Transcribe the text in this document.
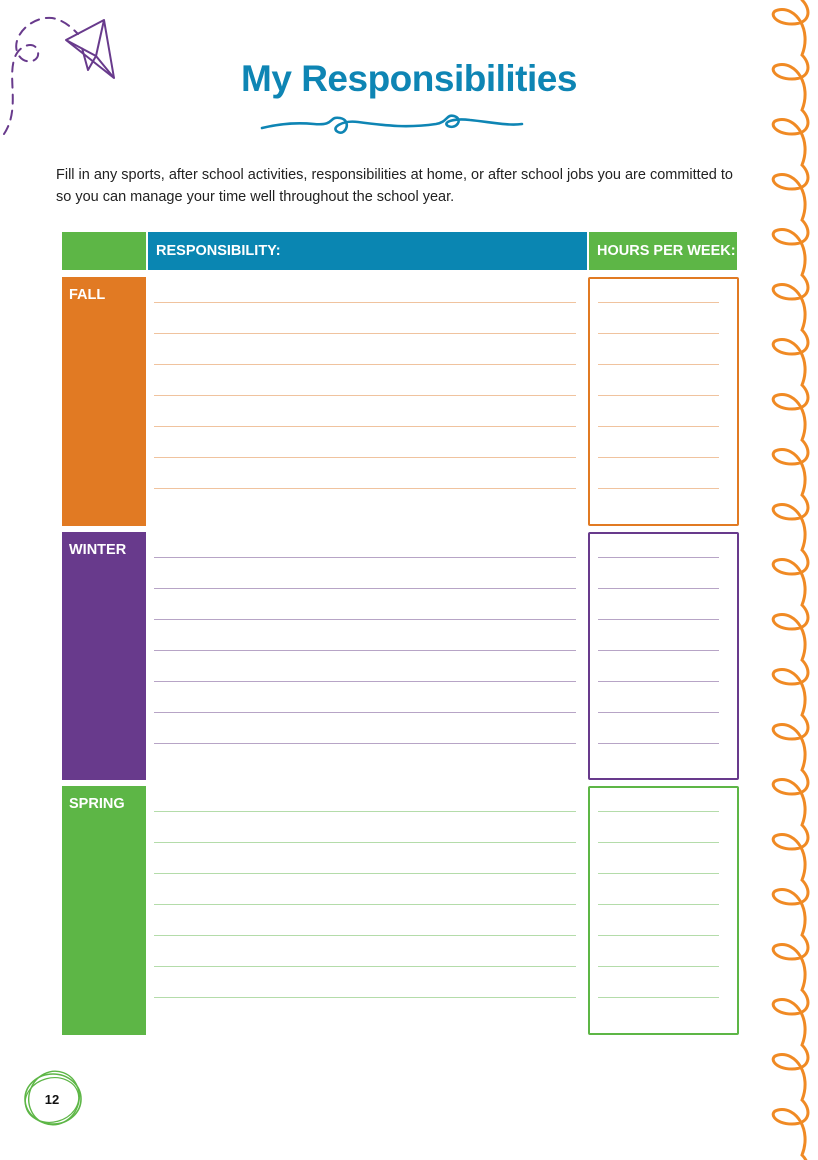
My Responsibilities
Fill in any sports, after school activities, responsibilities at home, or after school jobs you are committed to so you can manage your time well throughout the school year.
RESPONSIBILITY:	HOURS PER WEEK:
FALL
WINTER
SPRING
12
